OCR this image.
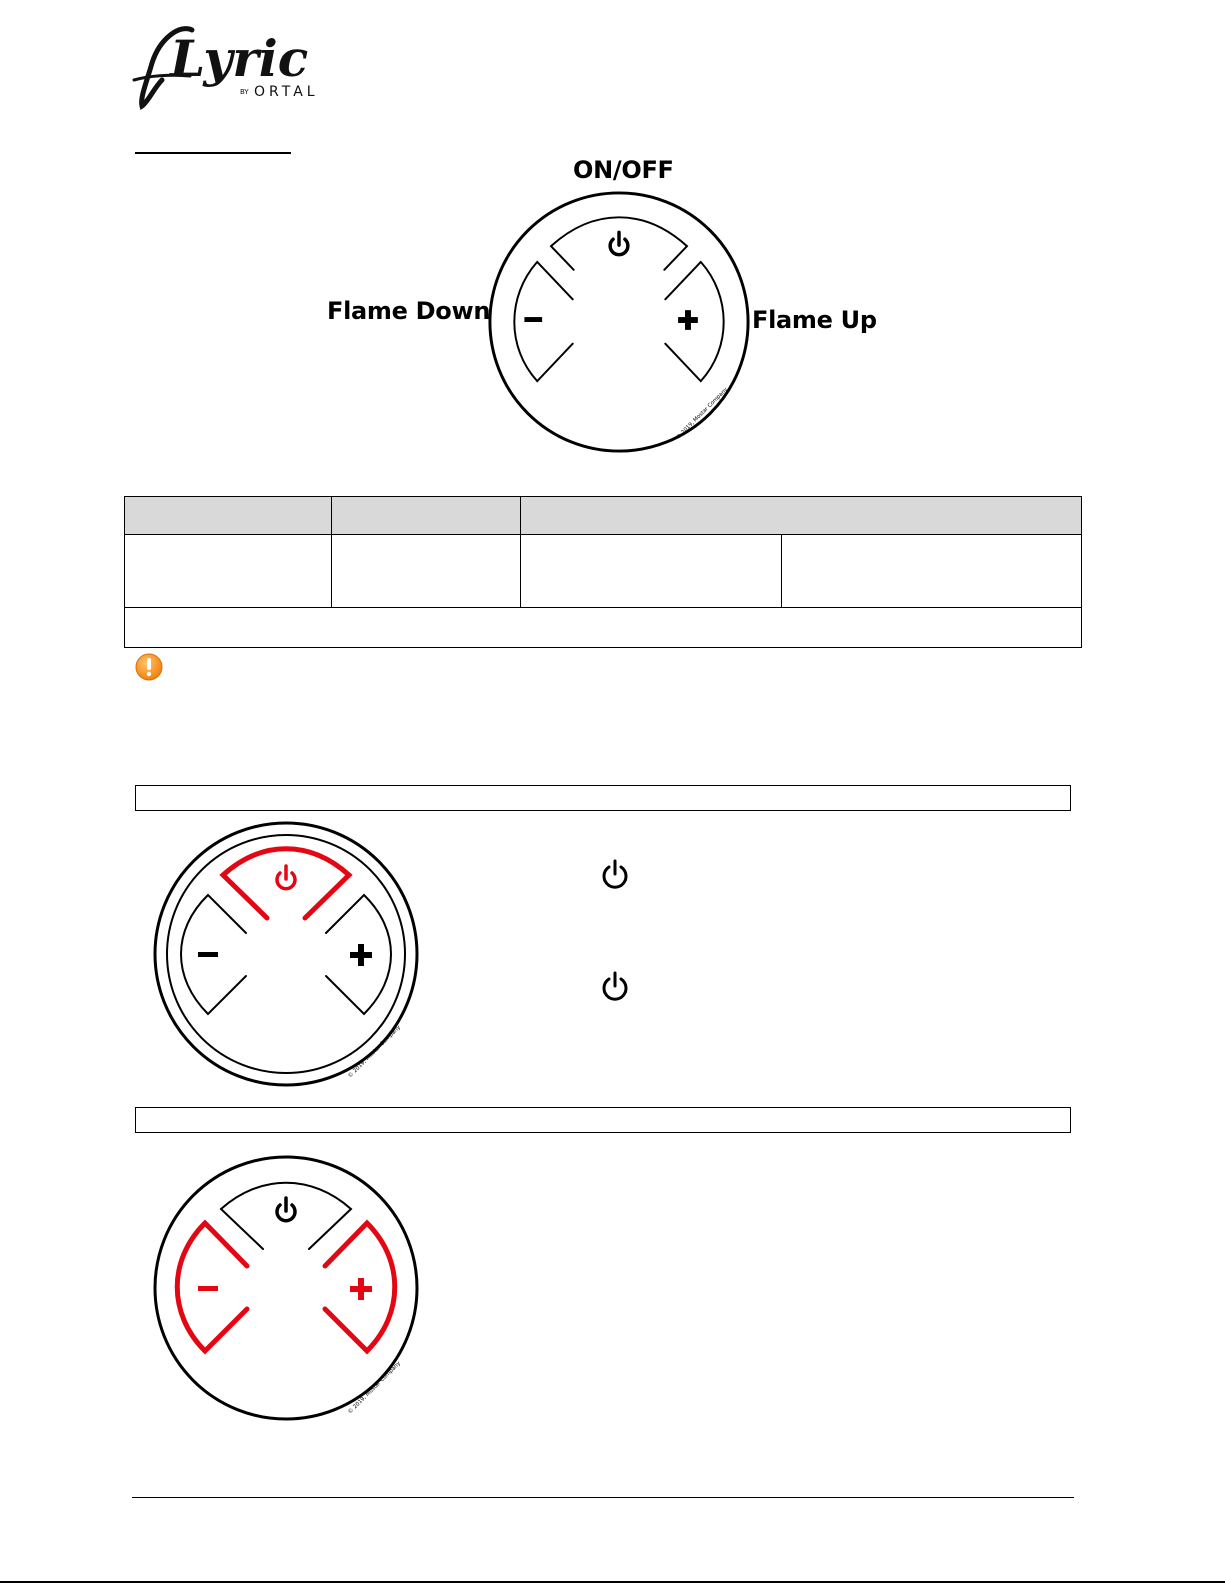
Lyric
BY ORTAL
ON/OFF
Flame Down	Flame Up
© 2019, Mostar Company

© 2019, Mostar Company
© 2019, Mostar Company
